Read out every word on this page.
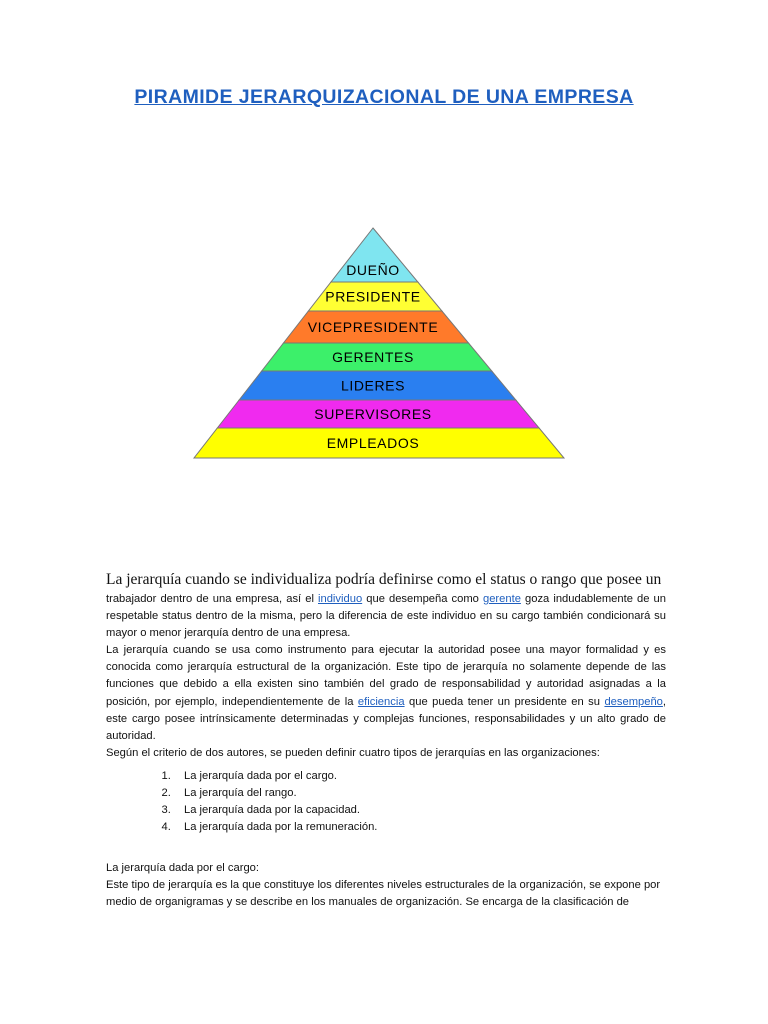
PIRAMIDE JERARQUIZACIONAL DE UNA EMPRESA
DUEÑO
PRESIDENTE
VICEPRESIDENTE
GERENTES
LIDERES
SUPERVISORES
EMPLEADOS
La jerarquía cuando se individualiza podría definirse como el status o rango que posee un
trabajador dentro de una empresa, así el individuo que desempeña como gerente goza indudablemente de un respetable status dentro de la misma, pero la diferencia de este individuo en su cargo también condicionará su mayor o menor jerarquía dentro de una empresa.
La jerarquía cuando se usa como instrumento para ejecutar la autoridad posee una mayor formalidad y es conocida como jerarquía estructural de la organización. Este tipo de jerarquía no solamente depende de las funciones que debido a ella existen sino también del grado de responsabilidad y autoridad asignadas a la posición, por ejemplo, independientemente de la eficiencia que pueda tener un presidente en su desempeño, este cargo posee intrínsicamente determinadas y complejas funciones, responsabilidades y un alto grado de autoridad.
Según el criterio de dos autores, se pueden definir cuatro tipos de jerarquías en las organizaciones:
1. La jerarquía dada por el cargo.
2. La jerarquía del rango.
3. La jerarquía dada por la capacidad.
4. La jerarquía dada por la remuneración.
La jerarquía dada por el cargo:
Este tipo de jerarquía es la que constituye los diferentes niveles estructurales de la organización, se expone por medio de organigramas y se describe en los manuales de organización. Se encarga de la clasificación de
